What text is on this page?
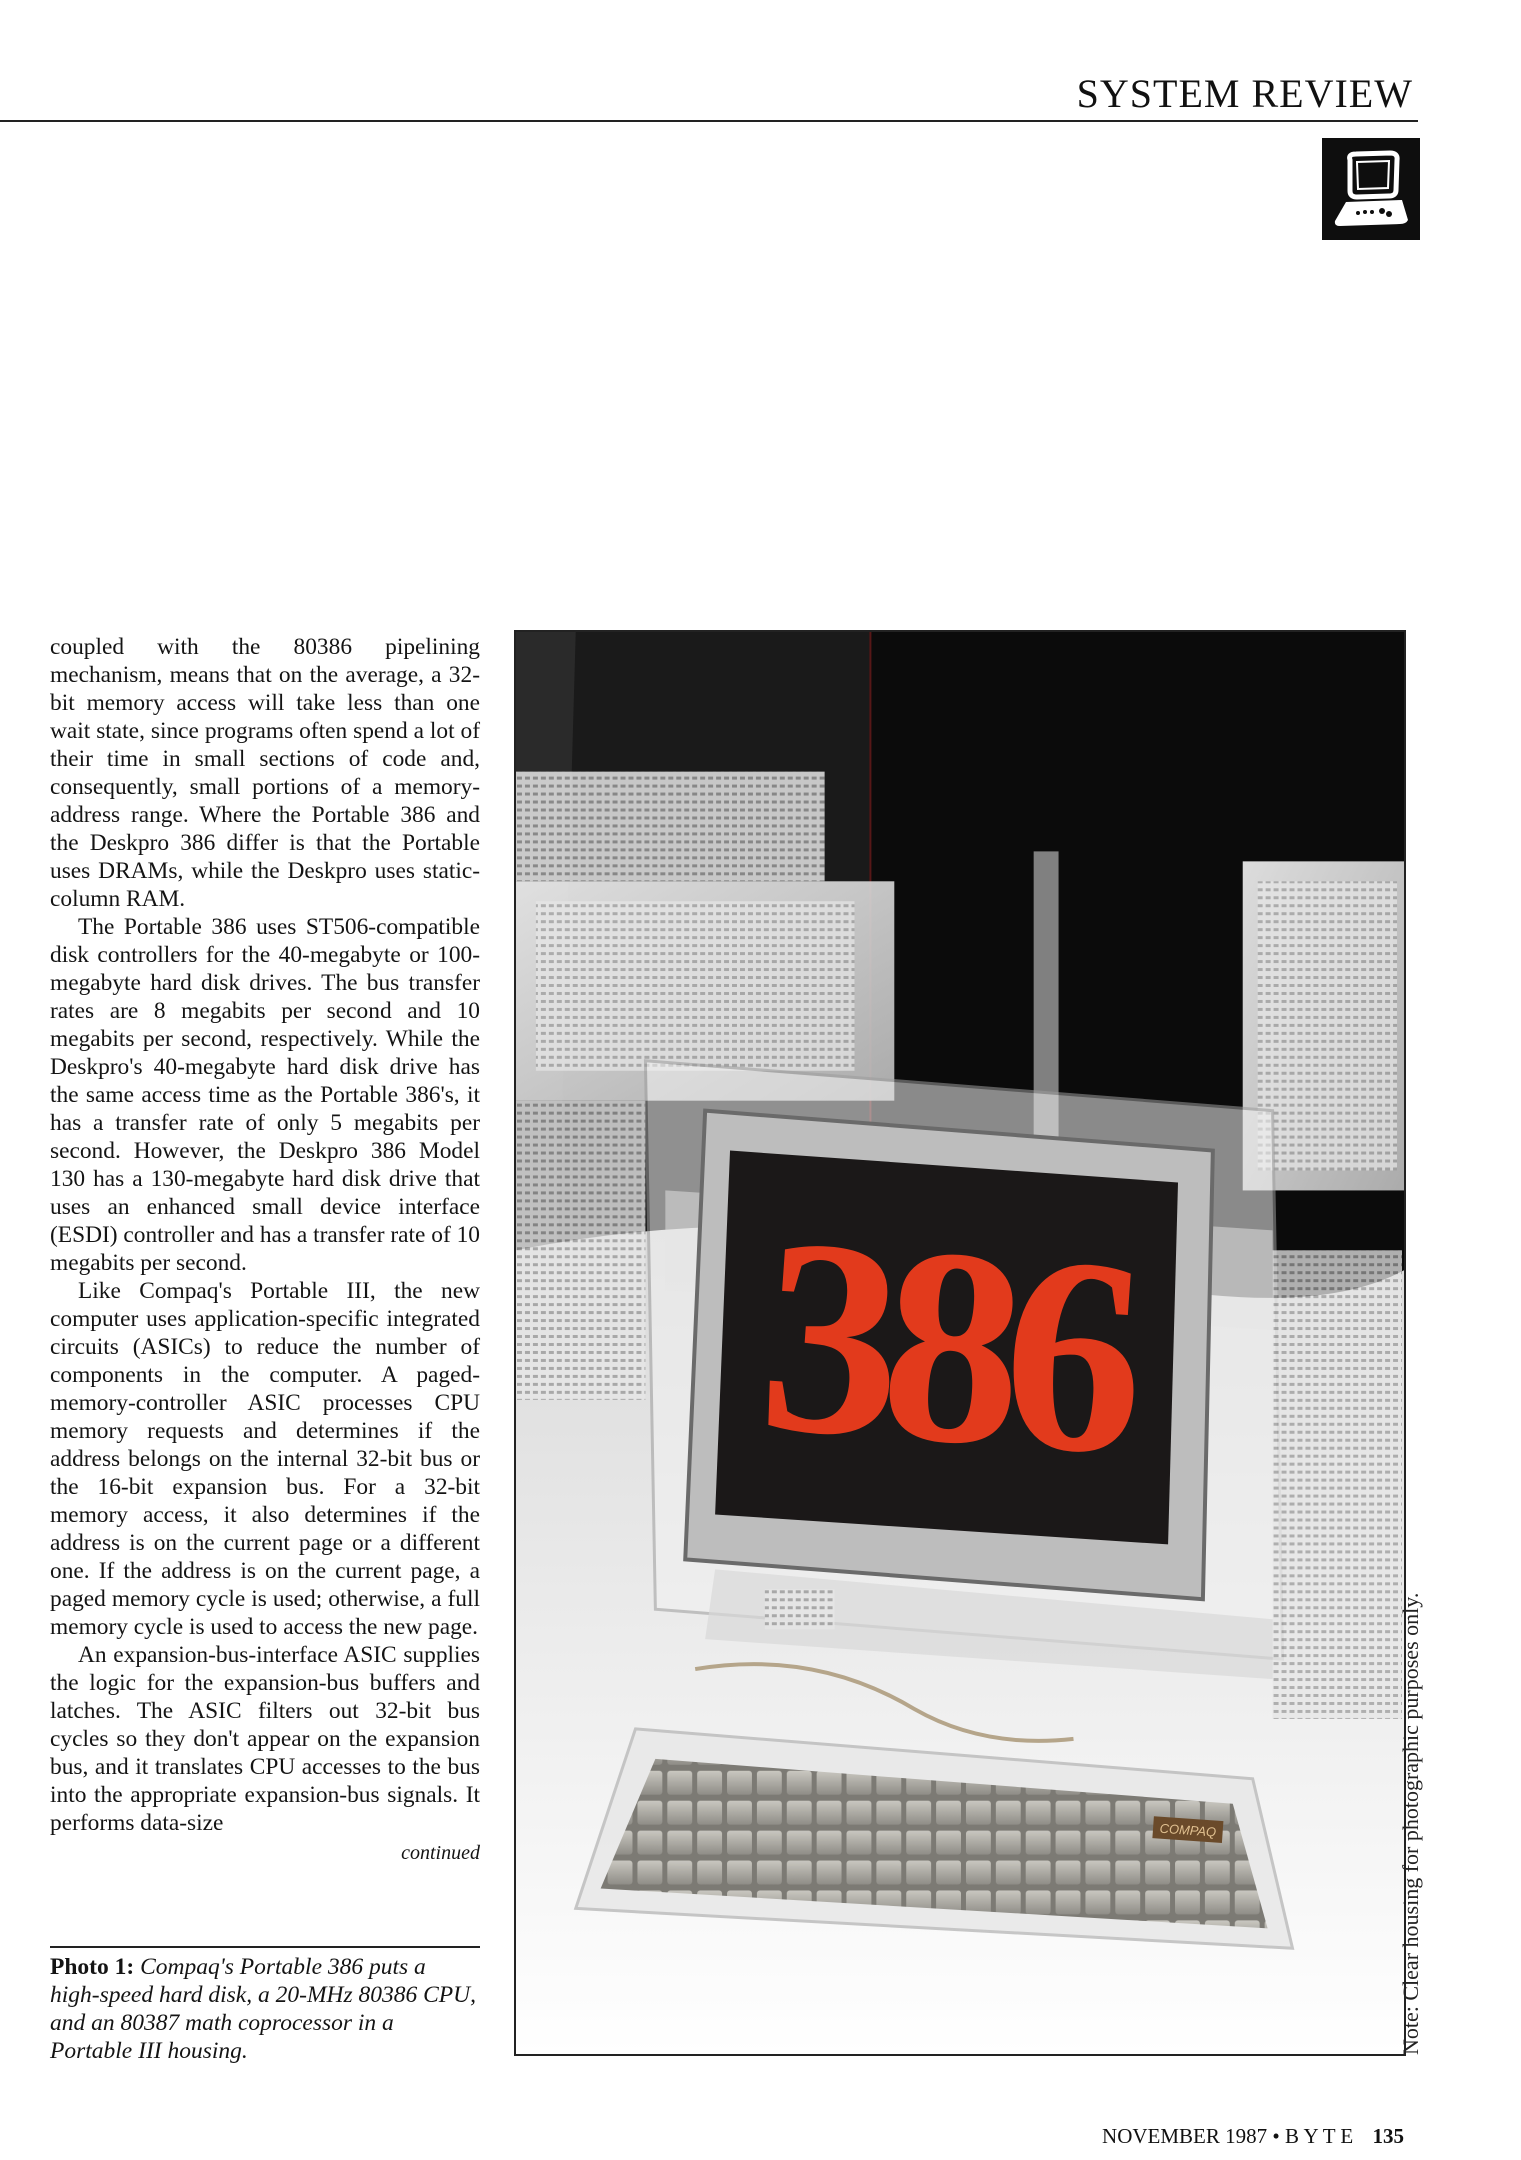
SYSTEM REVIEW

coupled with the 80386 pipelining mechanism, means that on the average, a 32-bit memory access will take less than one wait state, since programs often spend a lot of their time in small sections of code and, consequently, small portions of a memory-address range. Where the Portable 386 and the Deskpro 386 differ is that the Portable uses DRAMs, while the Deskpro uses static-column RAM.

The Portable 386 uses ST506-compatible disk controllers for the 40-megabyte or 100-megabyte hard disk drives. The bus transfer rates are 8 megabits per second and 10 megabits per second, respectively. While the Deskpro's 40-megabyte hard disk drive has the same access time as the Portable 386's, it has a transfer rate of only 5 megabits per second. However, the Deskpro 386 Model 130 has a 130-megabyte hard disk drive that uses an enhanced small device interface (ESDI) controller and has a transfer rate of 10 megabits per second.

Like Compaq's Portable III, the new computer uses application-specific integrated circuits (ASICs) to reduce the number of components in the computer. A paged-memory-controller ASIC processes CPU memory requests and determines if the address belongs on the internal 32-bit bus or the 16-bit expansion bus. For a 32-bit memory access, it also determines if the address is on the current page or a different one. If the address is on the current page, a paged memory cycle is used; otherwise, a full memory cycle is used to access the new page.

An expansion-bus-interface ASIC supplies the logic for the expansion-bus buffers and latches. The ASIC filters out 32-bit bus cycles so they don't appear on the expansion bus, and it translates CPU accesses to the bus into the appropriate expansion-bus signals. It performs data-size

continued

Photo 1: Compaq's Portable 386 puts a high-speed hard disk, a 20-MHz 80386 CPU, and an 80387 math coprocessor in a Portable III housing.
386
COMPAQ	Note: Clear housing for photographic purposes only.
NOVEMBER 1987 • B Y T E 135
